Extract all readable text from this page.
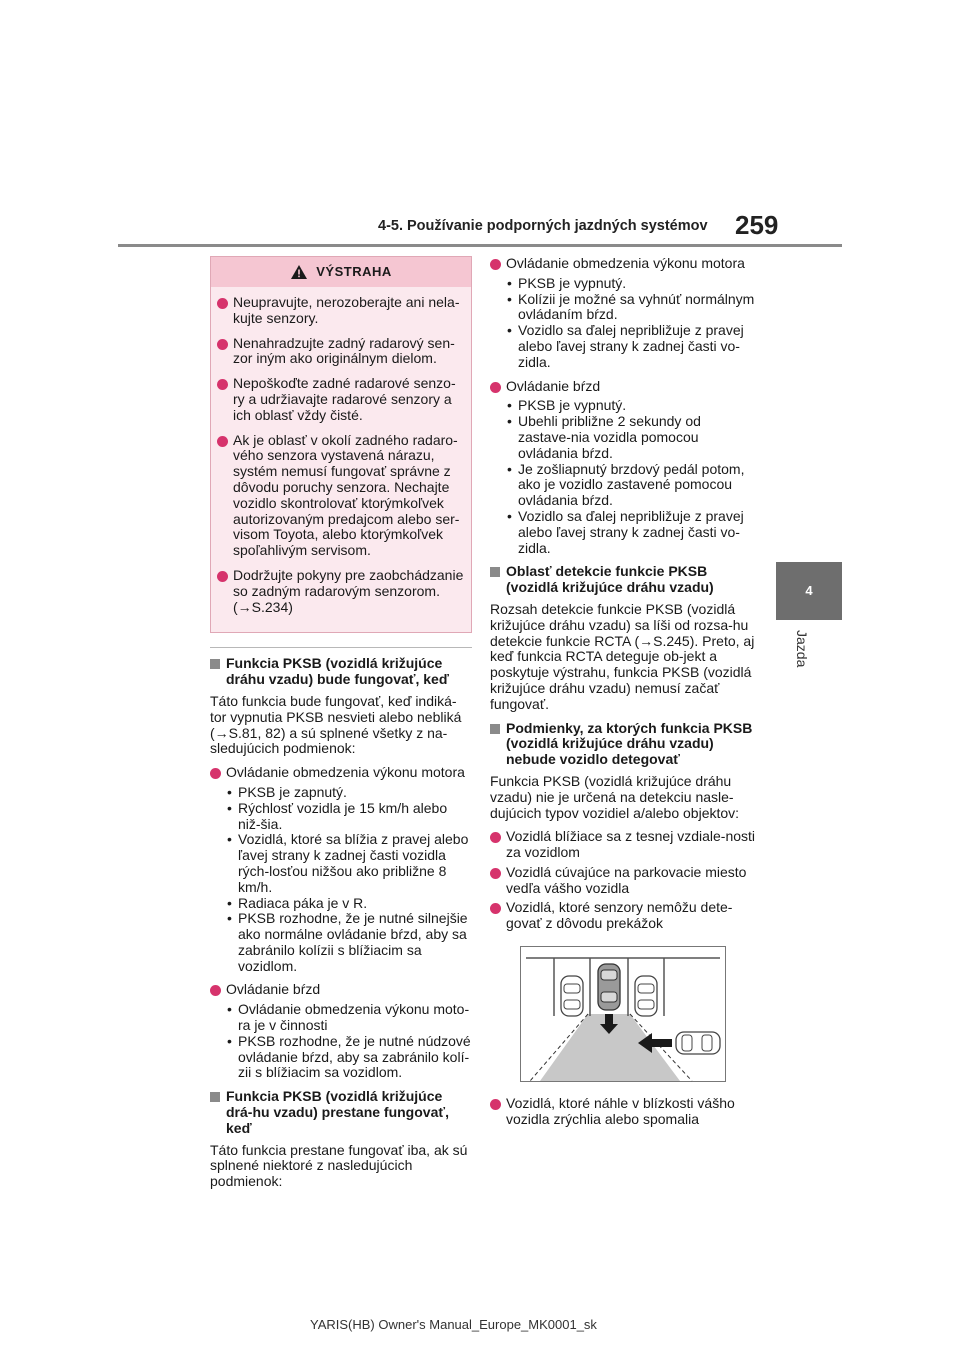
4-5. Používanie podporných jazdných systémov 259
4
Jazda
VÝSTRAHA
Neupravujte, nerozoberajte ani nela-kujte senzory.
Nenahradzujte zadný radarový sen-zor iným ako originálnym dielom.
Nepoškoďte zadné radarové senzo-ry a udržiavajte radarové senzory a ich oblasť vždy čisté.
Ak je oblasť v okolí zadného radaro-vého senzora vystavená nárazu, systém nemusí fungovať správne z dôvodu poruchy senzora. Nechajte vozidlo skontrolovať ktorýmkoľvek autorizovaným predajcom alebo ser-visom Toyota, alebo ktorýmkoľvek spoľahlivým servisom.
Dodržujte pokyny pre zaobchádzanie so zadným radarovým senzorom. (→S.234)
Funkcia PKSB (vozidlá križujúce dráhu vzadu) bude fungovať, keď

Táto funkcia bude fungovať, keď indiká-tor vypnutia PKSB nesvieti alebo nebliká (→S.81, 82) a sú splnené všetky z na-sledujúcich podmienok:

Ovládanie obmedzenia výkonu motora
• PKSB je zapnutý.
• Rýchlosť vozidla je 15 km/h alebo niž-šia.
• Vozidlá, ktoré sa blížia z pravej alebo ľavej strany k zadnej časti vozidla rých-losťou nižšou ako približne 8 km/h.
• Radiaca páka je v R.
• PKSB rozhodne, že je nutné silnejšie ako normálne ovládanie bŕzd, aby sa zabránilo kolízii s blížiacim sa vozidlom.
Ovládanie bŕzd
• Ovládanie obmedzenia výkonu moto-ra je v činnosti
• PKSB rozhodne, že je nutné núdzové ovládanie bŕzd, aby sa zabránilo kolí-zii s blížiacim sa vozidlom.
Funkcia PKSB (vozidlá križujúce drá-hu vzadu) prestane fungovať, keď

Táto funkcia prestane fungovať iba, ak sú splnené niektoré z nasledujúcich podmienok:

Ovládanie obmedzenia výkonu motora
• PKSB je vypnutý.
• Kolízii je možné sa vyhnúť normálnym ovládaním bŕzd.
• Vozidlo sa ďalej nepribližuje z pravej alebo ľavej strany k zadnej časti vo-zidla.
Ovládanie bŕzd
• PKSB je vypnutý.
• Ubehli približne 2 sekundy od zastave-nia vozidla pomocou ovládania bŕzd.
• Je zošliapnutý brzdový pedál potom, ako je vozidlo zastavené pomocou ovládania bŕzd.
• Vozidlo sa ďalej nepribližuje z pravej alebo ľavej strany k zadnej časti vo-zidla.
Oblasť detekcie funkcie PKSB (vozidlá križujúce dráhu vzadu)

Rozsah detekcie funkcie PKSB (vozidlá križujúce dráhu vzadu) sa líši od rozsa-hu detekcie funkcie RCTA (→S.245). Preto, aj keď funkcia RCTA deteguje ob-jekt a poskytuje výstrahu, funkcia PKSB (vozidlá križujúce dráhu vzadu) nemusí začať fungovať.

Podmienky, za ktorých funkcia PKSB (vozidlá križujúce dráhu vzadu) nebude vozidlo detegovať

Funkcia PKSB (vozidlá križujúce dráhu vzadu) nie je určená na detekciu nasle-dujúcich typov vozidiel a/alebo objektov:

Vozidlá blížiace sa z tesnej vzdiale-nosti za vozidlom
Vozidlá cúvajúce na parkovacie miesto vedľa vášho vozidla
Vozidlá, ktoré senzory nemôžu dete-govať z dôvodu prekážok
Vozidlá, ktoré náhle v blízkosti vášho vozidla zrýchlia alebo spomalia
YARIS(HB) Owner's Manual_Europe_MK0001_sk
